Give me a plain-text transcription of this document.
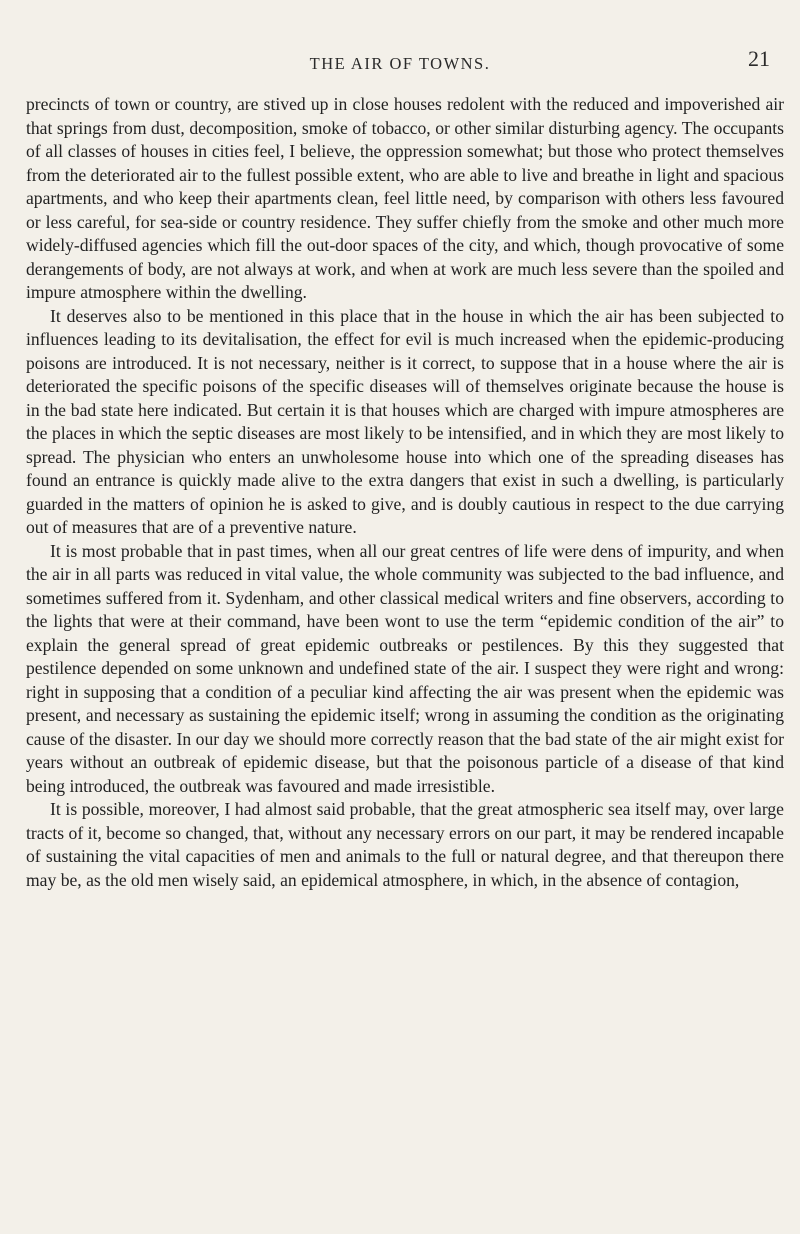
THE AIR OF TOWNS.	21

precincts of town or country, are stived up in close houses redolent with the reduced and impoverished air that springs from dust, decomposition, smoke of tobacco, or other similar disturbing agency. The occupants of all classes of houses in cities feel, I believe, the oppression somewhat; but those who protect themselves from the deteriorated air to the fullest possible extent, who are able to live and breathe in light and spacious apartments, and who keep their apartments clean, feel little need, by comparison with others less favoured or less careful, for sea-side or country residence. They suffer chiefly from the smoke and other much more widely-diffused agencies which fill the out-door spaces of the city, and which, though provocative of some derangements of body, are not always at work, and when at work are much less severe than the spoiled and impure atmosphere within the dwelling.

It deserves also to be mentioned in this place that in the house in which the air has been subjected to influences leading to its devitalisation, the effect for evil is much increased when the epidemic-producing poisons are introduced. It is not necessary, neither is it correct, to suppose that in a house where the air is deteriorated the specific poisons of the specific diseases will of themselves originate because the house is in the bad state here indicated. But certain it is that houses which are charged with impure atmospheres are the places in which the septic diseases are most likely to be intensified, and in which they are most likely to spread. The physician who enters an unwholesome house into which one of the spreading diseases has found an entrance is quickly made alive to the extra dangers that exist in such a dwelling, is particularly guarded in the matters of opinion he is asked to give, and is doubly cautious in respect to the due carrying out of measures that are of a preventive nature.

It is most probable that in past times, when all our great centres of life were dens of impurity, and when the air in all parts was reduced in vital value, the whole community was subjected to the bad influence, and sometimes suffered from it. Sydenham, and other classical medical writers and fine observers, according to the lights that were at their command, have been wont to use the term “epidemic condition of the air” to explain the general spread of great epidemic outbreaks or pestilences. By this they suggested that pestilence depended on some unknown and undefined state of the air. I suspect they were right and wrong: right in supposing that a condition of a peculiar kind affecting the air was present when the epidemic was present, and necessary as sustaining the epidemic itself; wrong in assuming the condition as the originating cause of the disaster. In our day we should more correctly reason that the bad state of the air might exist for years without an outbreak of epidemic disease, but that the poisonous particle of a disease of that kind being introduced, the outbreak was favoured and made irresistible.

It is possible, moreover, I had almost said probable, that the great atmospheric sea itself may, over large tracts of it, become so changed, that, without any necessary errors on our part, it may be rendered incapable of sustaining the vital capacities of men and animals to the full or natural degree, and that thereupon there may be, as the old men wisely said, an epidemical atmosphere, in which, in the absence of contagion,
